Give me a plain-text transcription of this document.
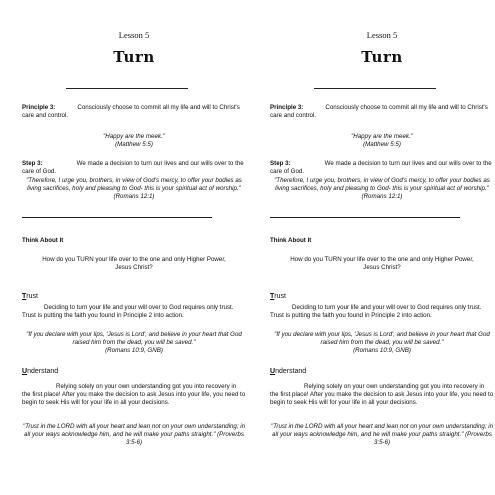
Lesson 5
Turn
Principle 3:	Consciously choose to commit all my life and will to Christ's care and control.
"Happy are the meek."
(Matthew 5:5)
Step 3:	We made a decision to turn our lives and our wills over to the care of God.
"Therefore, I urge you, brothers, in view of God's mercy, to offer your bodies as living sacrifices, holy and pleasing to God- this is your spiritual act of worship." (Romans 12:1)
Think About It
How do you TURN your life over to the one and only Higher Power, Jesus Christ?
Trust
Deciding to turn your life and your will over to God requires only trust. Trust is putting the faith you found in Principle 2 into action.
"If you declare with your lips, 'Jesus is Lord', and believe in your heart that God raised him from the dead, you will be saved."
(Romans 10:9, GNB)
Understand
Relying solely on your own understanding got you into recovery in the first place! After you make the decision to ask Jesus into your life, you need to begin to seek His will for your life in all your decisions.
"Trust in the LORD with all your heart and lean not on your own understanding; in all your ways acknowledge him, and he will make your paths straight." (Proverbs 3:5-6)
Lesson 5
Turn
Principle 3:	Consciously choose to commit all my life and will to Christ's care and control.
"Happy are the meek."
(Matthew 5:5)
Step 3:	We made a decision to turn our lives and our wills over to the care of God.
"Therefore, I urge you, brothers, in view of God's mercy, to offer your bodies as living sacrifices, holy and pleasing to God- this is your spiritual act of worship." (Romans 12:1)
Think About It
How do you TURN your life over to the one and only Higher Power, Jesus Christ?
Trust
Deciding to turn your life and your will over to God requires only trust. Trust is putting the faith you found in Principle 2 into action.
"If you declare with your lips, 'Jesus is Lord', and believe in your heart that God raised him from the dead, you will be saved."
(Romans 10:9, GNB)
Understand
Relying solely on your own understanding got you into recovery in the first place! After you make the decision to ask Jesus into your life, you need to begin to seek His will for your life in all your decisions.
"Trust in the LORD with all your heart and lean not on your own understanding; in all your ways acknowledge him, and he will make your paths straight." (Proverbs 3:5-6)
